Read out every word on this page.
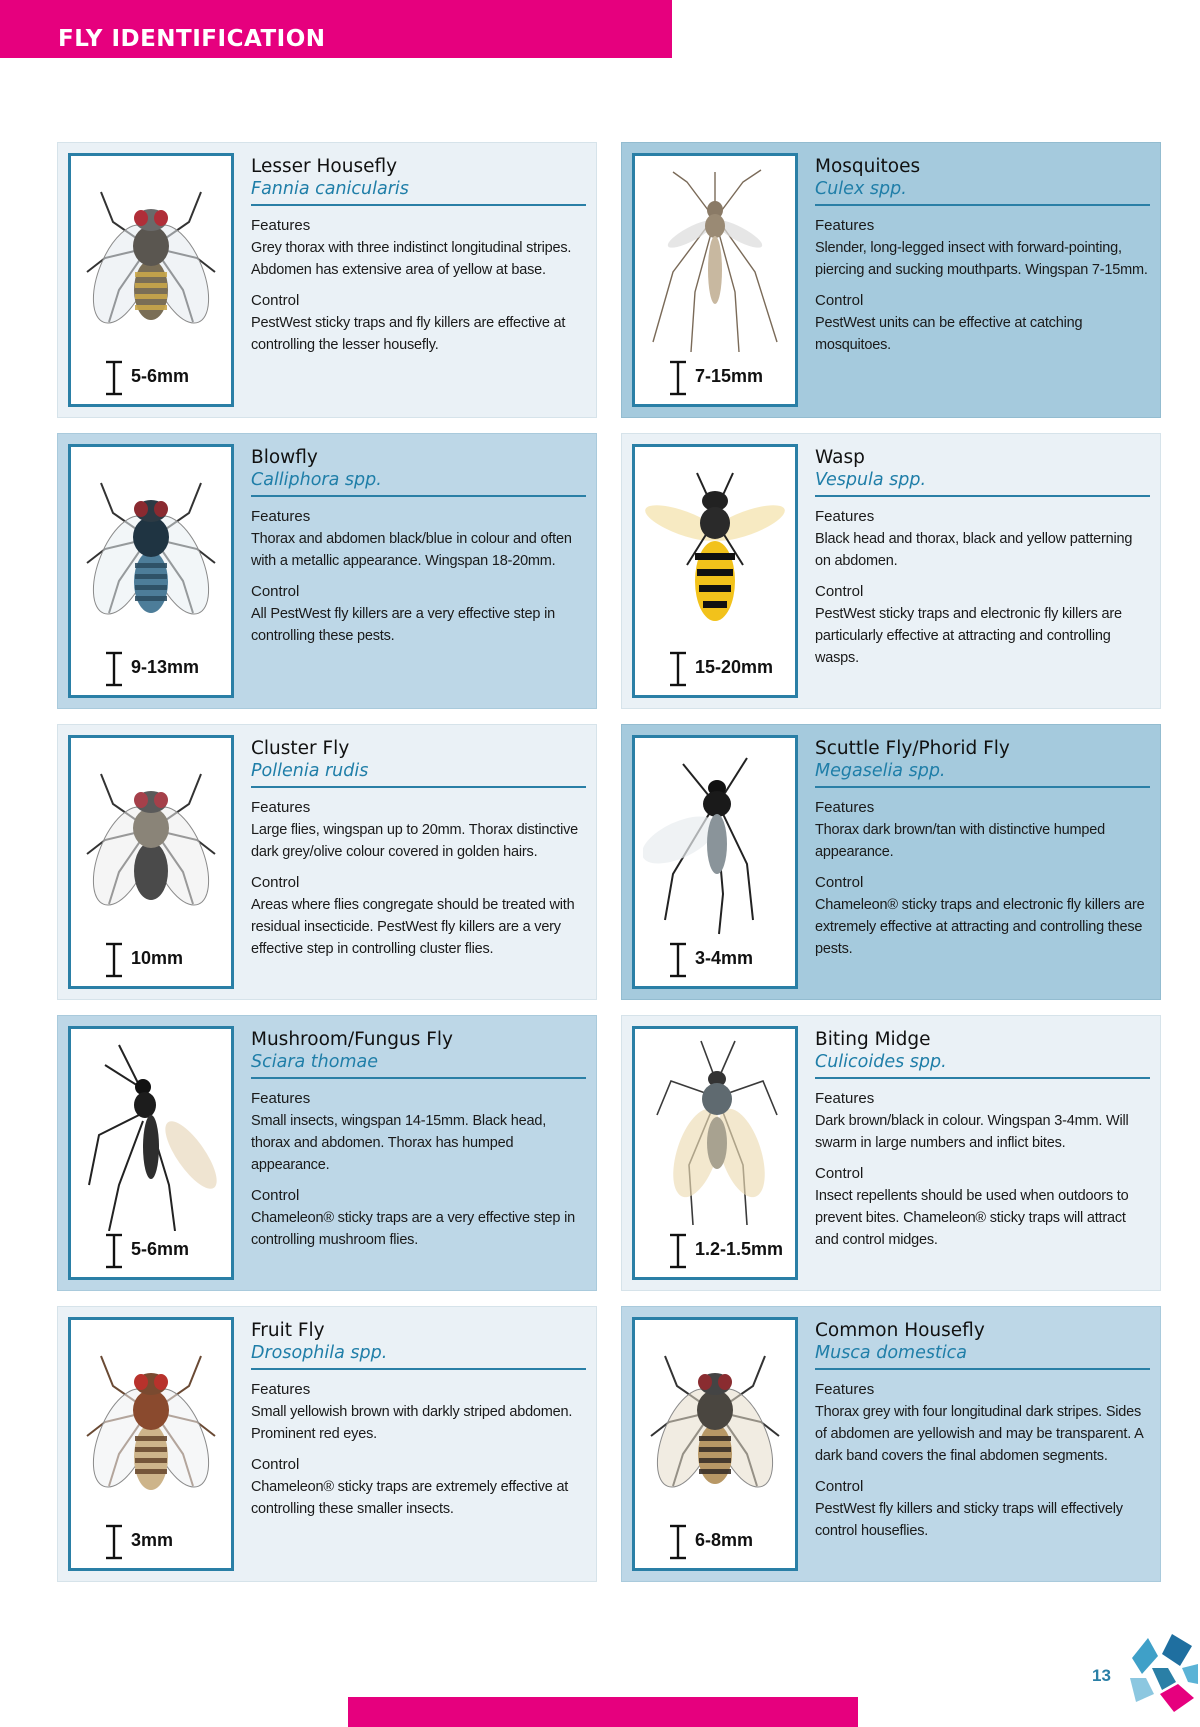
FLY IDENTIFICATION
5-6mm
Lesser Housefly
Fannia canicularis
Features
Grey thorax with three indistinct longitudinal stripes. Abdomen has extensive area of yellow at base.
Control
PestWest sticky traps and fly killers are effective at controlling the lesser housefly.
7-15mm
Mosquitoes
Culex spp.
Features
Slender, long-legged insect with forward-pointing, piercing and sucking mouthparts. Wingspan 7-15mm.
Control
PestWest units can be effective at catching mosquitoes.
9-13mm
Blowfly
Calliphora spp.
Features
Thorax and abdomen black/blue in colour and often with a metallic appearance. Wingspan 18-20mm.
Control
All PestWest fly killers are a very effective step in controlling these pests.
15-20mm
Wasp
Vespula spp.
Features
Black head and thorax, black and yellow patterning on abdomen.
Control
PestWest sticky traps and electronic fly killers are particularly effective at attracting and controlling wasps.
10mm
Cluster Fly
Pollenia rudis
Features
Large flies, wingspan up to 20mm. Thorax distinctive dark grey/olive colour covered in golden hairs.
Control
Areas where flies congregate should be treated with residual insecticide. PestWest fly killers are a very effective step in controlling cluster flies.	3-4mm
Scuttle Fly/Phorid Fly
Megaselia spp.
Features
Thorax dark brown/tan with distinctive humped appearance.
Control
Chameleon® sticky traps and electronic fly killers are extremely effective at attracting and controlling these pests.
5-6mm
Mushroom/Fungus Fly
Sciara thomae
Features
Small insects, wingspan 14-15mm. Black head, thorax and abdomen. Thorax has humped appearance.
Control
Chameleon® sticky traps are a very effective step in controlling mushroom flies.	1.2-1.5mm
Biting Midge
Culicoides spp.
Features
Dark brown/black in colour. Wingspan 3-4mm. Will swarm in large numbers and inflict bites.
Control
Insect repellents should be used when outdoors to prevent bites. Chameleon® sticky traps will attract and control midges.
3mm
Fruit Fly
Drosophila spp.
Features
Small yellowish brown with darkly striped abdomen. Prominent red eyes.
Control
Chameleon® sticky traps are extremely effective at controlling these smaller insects.
6-8mm
Common Housefly
Musca domestica
Features
Thorax grey with four longitudinal dark stripes. Sides of abdomen are yellowish and may be transparent. A dark band covers the final abdomen segments.
Control
PestWest fly killers and sticky traps will effectively control houseflies.
13
